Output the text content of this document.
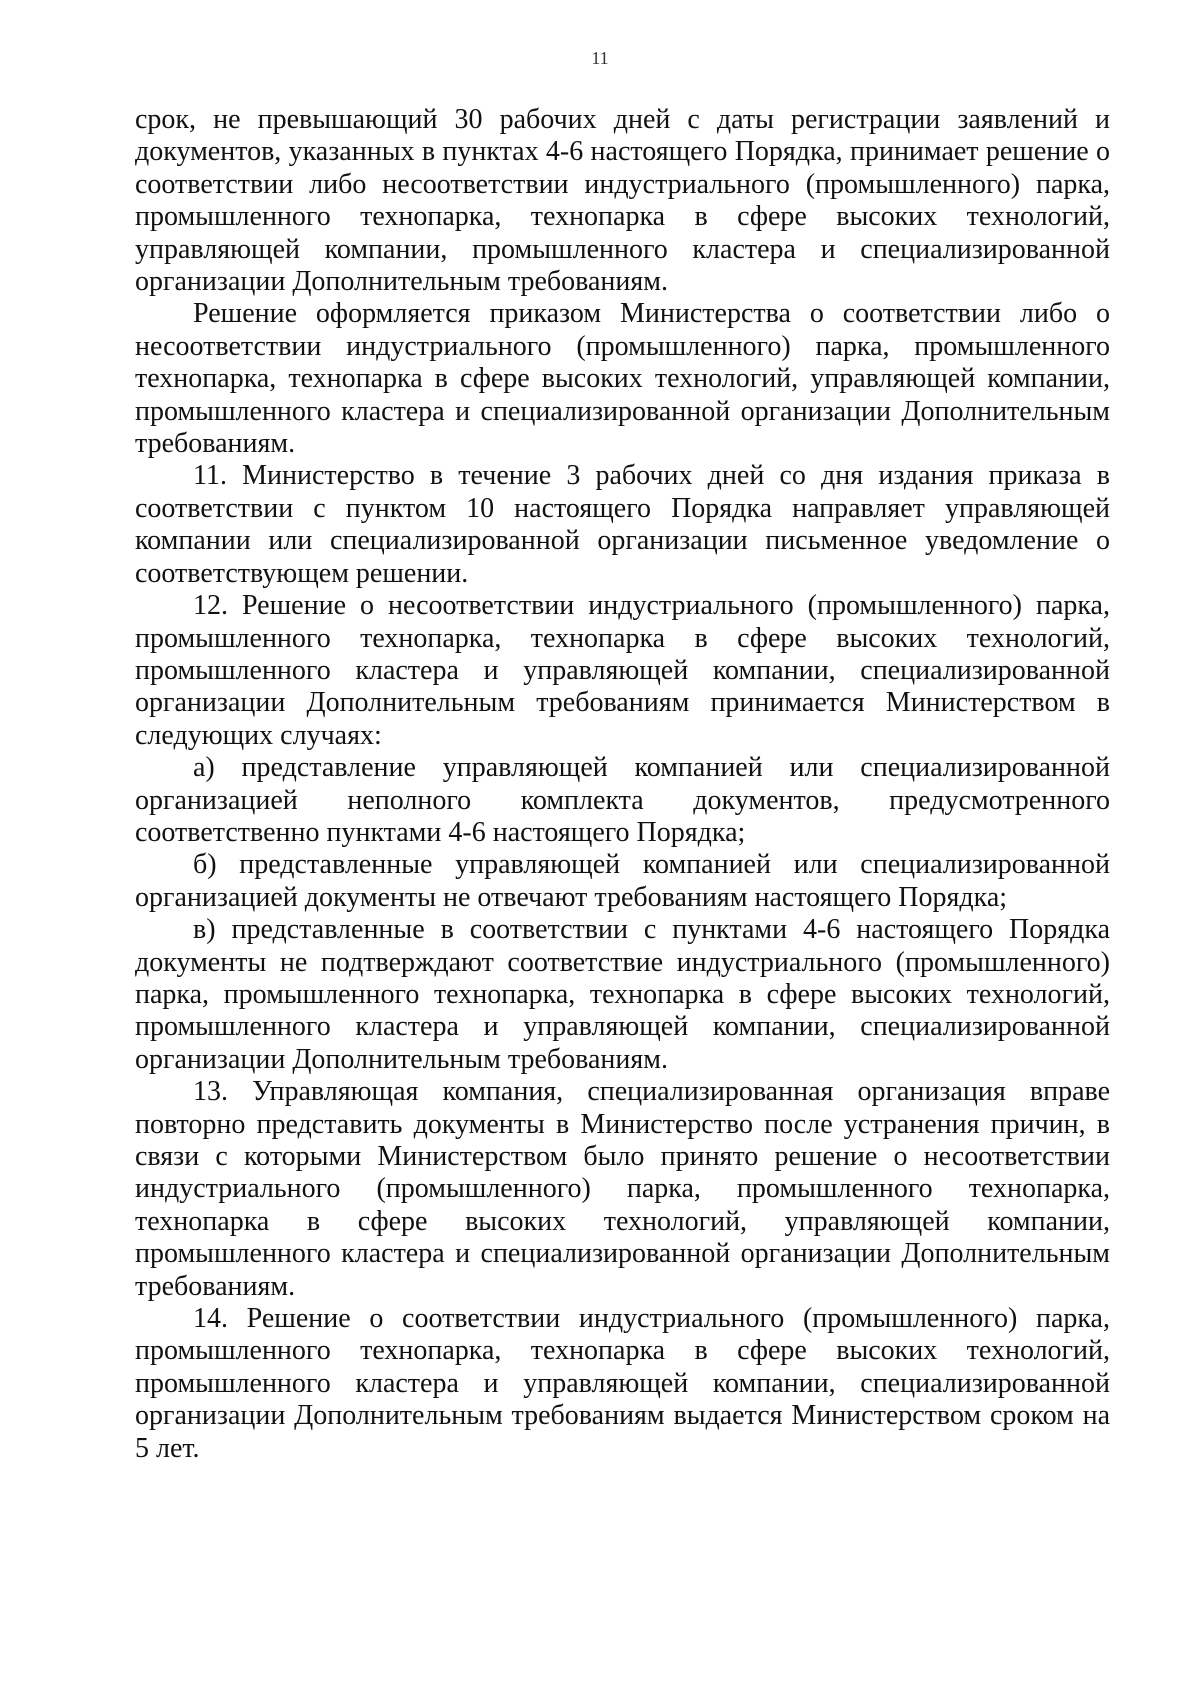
11

срок, не превышающий 30 рабочих дней с даты регистрации заявлений и документов, указанных в пунктах 4-6 настоящего Порядка, принимает решение о соответствии либо несоответствии индустриального (промышленного) парка, промышленного технопарка, технопарка в сфере высоких технологий, управляющей компании, промышленного кластера и специализированной организации Дополнительным требованиям.

Решение оформляется приказом Министерства о соответствии либо о несоответствии индустриального (промышленного) парка, промышленного технопарка, технопарка в сфере высоких технологий, управляющей компании, промышленного кластера и специализированной организации Дополнительным требованиям.

11. Министерство в течение 3 рабочих дней со дня издания приказа в соответствии с пунктом 10 настоящего Порядка направляет управляющей компании или специализированной организации письменное уведомление о соответствующем решении.

12. Решение о несоответствии индустриального (промышленного) парка, промышленного технопарка, технопарка в сфере высоких технологий, промышленного кластера и управляющей компании, специализированной организации Дополнительным требованиям принимается Министерством в следующих случаях:

а) представление управляющей компанией или специализированной организацией неполного комплекта документов, предусмотренного соответственно пунктами 4-6 настоящего Порядка;

б) представленные управляющей компанией или специализированной организацией документы не отвечают требованиям настоящего Порядка;

в) представленные в соответствии с пунктами 4-6 настоящего Порядка документы не подтверждают соответствие индустриального (промышленного) парка, промышленного технопарка, технопарка в сфере высоких технологий, промышленного кластера и управляющей компании, специализированной организации Дополнительным требованиям.

13. Управляющая компания, специализированная организация вправе повторно представить документы в Министерство после устранения причин, в связи с которыми Министерством было принято решение о несоответствии индустриального (промышленного) парка, промышленного технопарка, технопарка в сфере высоких технологий, управляющей компании, промышленного кластера и специализированной организации Дополнительным требованиям.

14. Решение о соответствии индустриального (промышленного) парка, промышленного технопарка, технопарка в сфере высоких технологий, промышленного кластера и управляющей компании, специализированной организации Дополнительным требованиям выдается Министерством сроком на 5 лет.
